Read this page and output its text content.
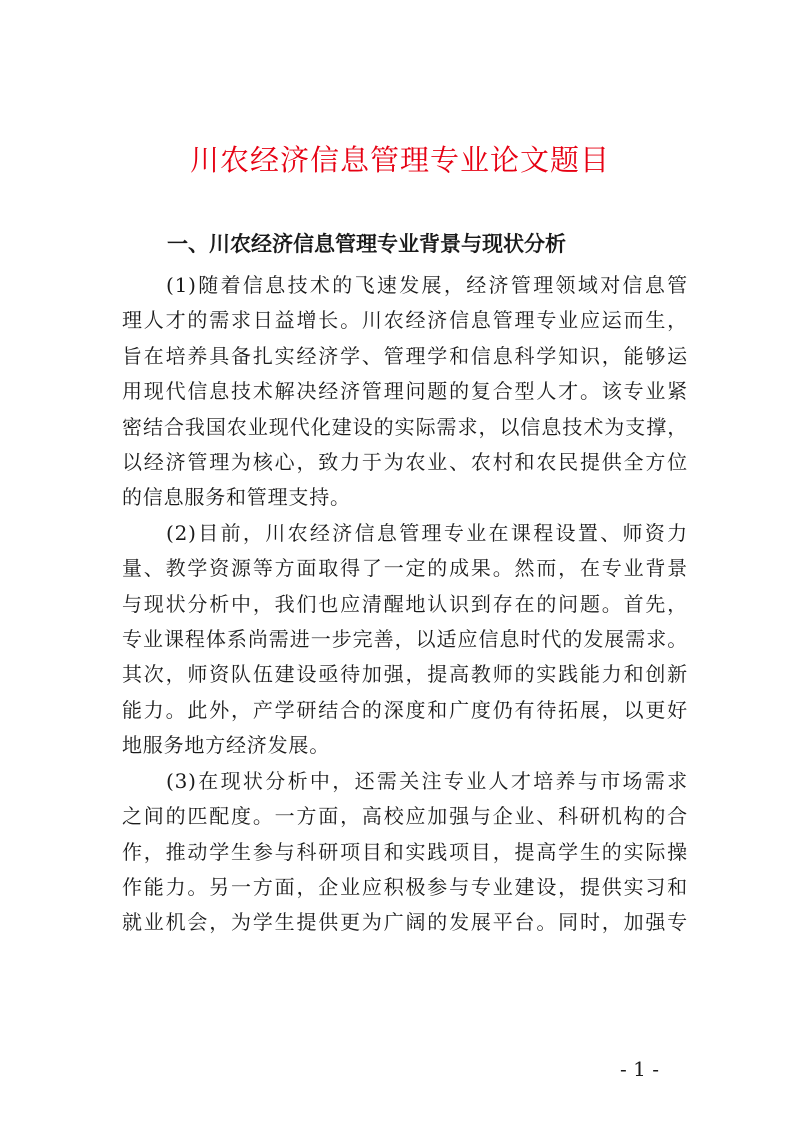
川农经济信息管理专业论文题目
一、川农经济信息管理专业背景与现状分析
(1)随着信息技术的飞速发展，经济管理领域对信息管
理人才的需求日益增长。川农经济信息管理专业应运而生，
旨在培养具备扎实经济学、管理学和信息科学知识，能够运
用现代信息技术解决经济管理问题的复合型人才。该专业紧
密结合我国农业现代化建设的实际需求，以信息技术为支撑，
以经济管理为核心，致力于为农业、农村和农民提供全方位
的信息服务和管理支持。
(2)目前，川农经济信息管理专业在课程设置、师资力
量、教学资源等方面取得了一定的成果。然而，在专业背景
与现状分析中，我们也应清醒地认识到存在的问题。首先，
专业课程体系尚需进一步完善，以适应信息时代的发展需求。
其次，师资队伍建设亟待加强，提高教师的实践能力和创新
能力。此外，产学研结合的深度和广度仍有待拓展，以更好
地服务地方经济发展。
(3)在现状分析中，还需关注专业人才培养与市场需求
之间的匹配度。一方面，高校应加强与企业、科研机构的合
作，推动学生参与科研项目和实践项目，提高学生的实际操
作能力。另一方面，企业应积极参与专业建设，提供实习和
就业机会，为学生提供更为广阔的发展平台。同时，加强专
- 1 -
